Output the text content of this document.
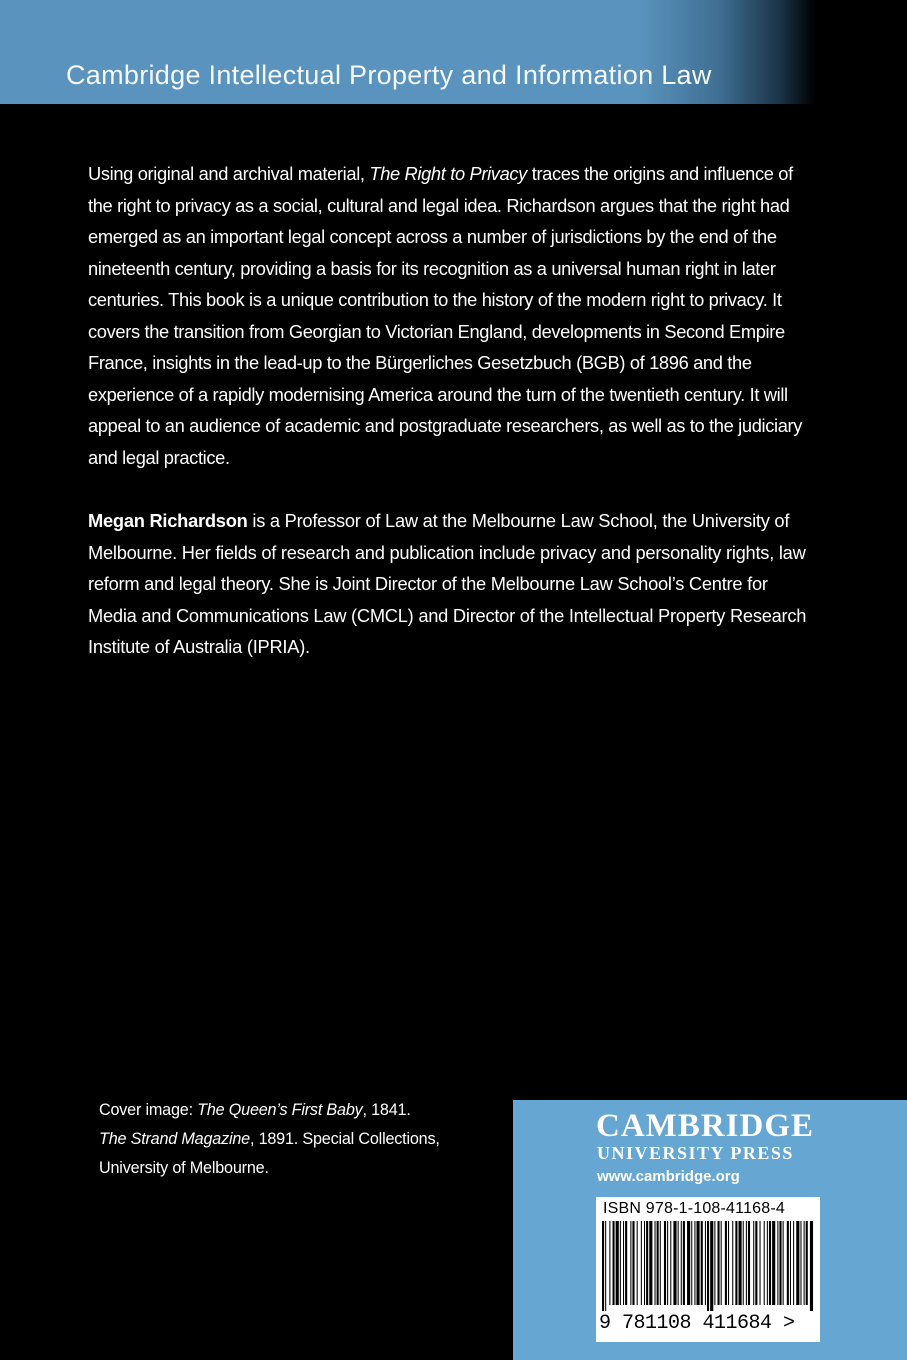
Cambridge Intellectual Property and Information Law

Using original and archival material, The Right to Privacy traces the origins and influence of the right to privacy as a social, cultural and legal idea. Richardson argues that the right had emerged as an important legal concept across a number of jurisdictions by the end of the nineteenth century, providing a basis for its recognition as a universal human right in later centuries. This book is a unique contribution to the history of the modern right to privacy. It covers the transition from Georgian to Victorian England, developments in Second Empire France, insights in the lead-up to the Bürgerliches Gesetzbuch (BGB) of 1896 and the experience of a rapidly modernising America around the turn of the twentieth century. It will appeal to an audience of academic and postgraduate researchers, as well as to the judiciary and legal practice.

Megan Richardson is a Professor of Law at the Melbourne Law School, the University of Melbourne. Her fields of research and publication include privacy and personality rights, law reform and legal theory. She is Joint Director of the Melbourne Law School’s Centre for Media and Communications Law (CMCL) and Director of the Intellectual Property Research Institute of Australia (IPRIA).

Cover image: The Queen’s First Baby, 1841.
The Strand Magazine, 1891. Special Collections, University of Melbourne.

CAMBRIDGE
UNIVERSITY PRESS
www.cambridge.org
ISBN 978-1-108-41168-4
9 781108 411684 >
